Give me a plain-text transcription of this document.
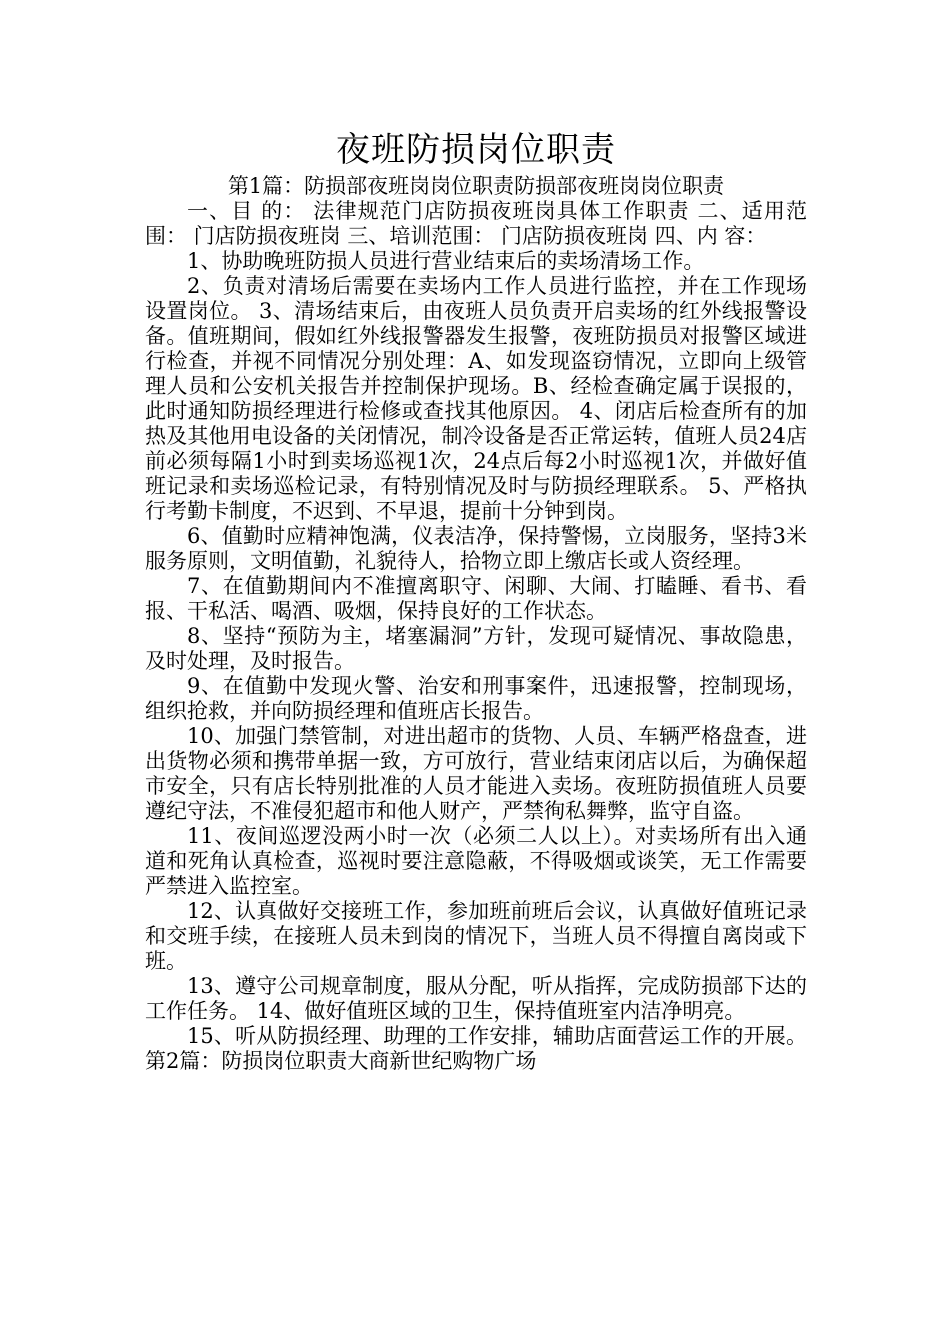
夜班防损岗位职责

第1篇：防损部夜班岗岗位职责防损部夜班岗岗位职责

一、目 的： 法律规范门店防损夜班岗具体工作职责 二、适用范围： 门店防损夜班岗 三、培训范围： 门店防损夜班岗 四、内 容：

1、协助晚班防损人员进行营业结束后的卖场清场工作。

2、负责对清场后需要在卖场内工作人员进行监控，并在工作现场设置岗位。 3、清场结束后，由夜班人员负责开启卖场的红外线报警设备。值班期间，假如红外线报警器发生报警，夜班防损员对报警区域进行检查，并视不同情况分别处理：A、如发现盗窃情况，立即向上级管理人员和公安机关报告并控制保护现场。B、经检查确定属于误报的，此时通知防损经理进行检修或查找其他原因。 4、闭店后检查所有的加热及其他用电设备的关闭情况，制冷设备是否正常运转，值班人员24店前必须每隔1小时到卖场巡视1次，24点后每2小时巡视1次，并做好值班记录和卖场巡检记录，有特别情况及时与防损经理联系。 5、严格执行考勤卡制度，不迟到、不早退，提前十分钟到岗。

6、值勤时应精神饱满，仪表洁净，保持警惕，立岗服务，坚持3米服务原则，文明值勤，礼貌待人，拾物立即上缴店长或人资经理。

7、在值勤期间内不准擅离职守、闲聊、大闹、打瞌睡、看书、看报、干私活、喝酒、吸烟，保持良好的工作状态。

8、坚持“预防为主，堵塞漏洞”方针，发现可疑情况、事故隐患，及时处理，及时报告。

9、在值勤中发现火警、治安和刑事案件，迅速报警，控制现场，组织抢救，并向防损经理和值班店长报告。

10、加强门禁管制，对进出超市的货物、人员、车辆严格盘查，进出货物必须和携带单据一致，方可放行，营业结束闭店以后，为确保超市安全，只有店长特别批准的人员才能进入卖场。夜班防损值班人员要遵纪守法，不准侵犯超市和他人财产，严禁徇私舞弊，监守自盗。

11、夜间巡逻没两小时一次（必须二人以上）。对卖场所有出入通道和死角认真检查，巡视时要注意隐蔽，不得吸烟或谈笑，无工作需要严禁进入监控室。

12、认真做好交接班工作，参加班前班后会议，认真做好值班记录和交班手续，在接班人员未到岗的情况下，当班人员不得擅自离岗或下班。

13、遵守公司规章制度，服从分配，听从指挥，完成防损部下达的工作任务。 14、做好值班区域的卫生，保持值班室内洁净明亮。

15、听从防损经理、助理的工作安排，辅助店面营运工作的开展。第2篇：防损岗位职责大商新世纪购物广场
